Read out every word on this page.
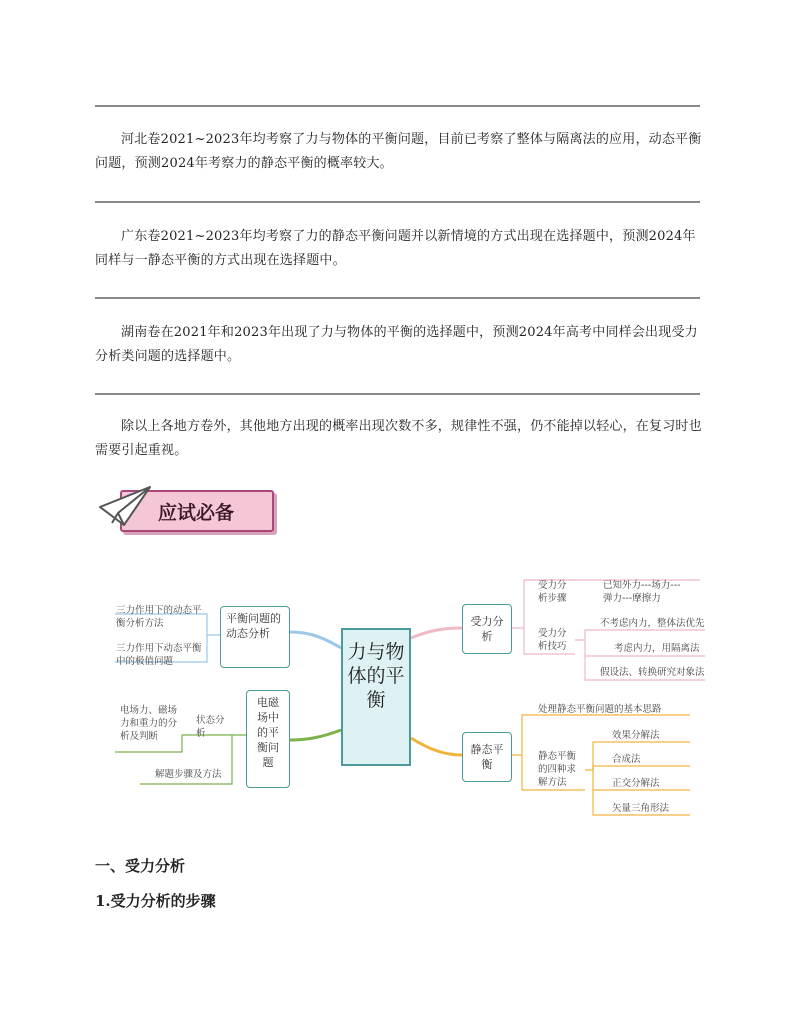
河北卷2021~2023年均考察了力与物体的平衡问题，目前已考察了整体与隔离法的应用，动态平衡问题，预测2024年考察力的静态平衡的概率较大。
广东卷2021~2023年均考察了力的静态平衡问题并以新情境的方式出现在选择题中，预测2024年同样与一静态平衡的方式出现在选择题中。
湖南卷在2021年和2023年出现了力与物体的平衡的选择题中，预测2024年高考中同样会出现受力分析类问题的选择题中。
除以上各地方卷外，其他地方出现的概率出现次数不多，规律性不强，仍不能掉以轻心，在复习时也需要引起重视。
应试必备
力与物体的平衡
平衡问题的动态分析
三力作用下的动态平衡分析方法
三力作用下动态平衡中的极值问题
电磁场中的平衡问题
状态分析
电场力、磁场力和重力的分析及判断
解题步骤及方法
受力分析
受力分析步骤
已知外力---场力---弹力---摩擦力
受力分析技巧
不考虑内力，整体法优先
考虑内力，用隔离法
假设法、转换研究对象法
静态平衡
处理静态平衡问题的基本思路
静态平衡的四种求解方法
效果分解法
合成法
正交分解法
矢量三角形法
一、受力分析
1.受力分析的步骤
